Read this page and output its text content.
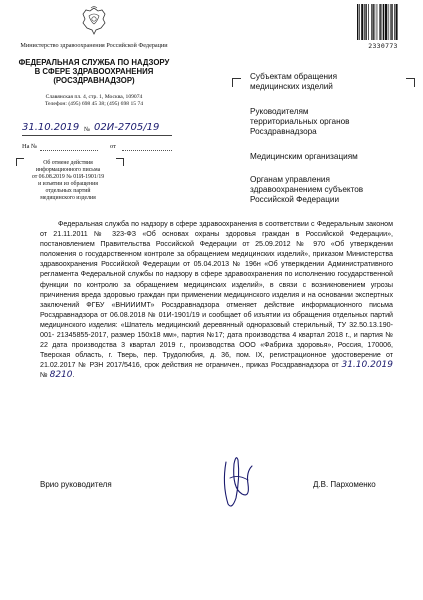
2330773
Министерство здравоохранения Российской Федерации
ФЕДЕРАЛЬНАЯ СЛУЖБА ПО НАДЗОРУ
В СФЕРЕ ЗДРАВООХРАНЕНИЯ
(РОСЗДРАВНАДЗОР)
Славянская пл. 4, стр. 1, Москва, 109074
Телефон: (495) 698 45 38; (495) 698 15 74
31.10.2019 № 02И-2705/19
На №	от
Об отмене действия
информационного письма
от 06.08.2019 № 01И-1901/19
и изъятии из обращения
отдельных партий
медицинского изделия
Субъектам обращения
медицинских изделий
Руководителям
территориальных органов
Росздравнадзора
Медицинским организациям
Органам управления
здравоохранением субъектов
Российской Федерации

Федеральная служба по надзору в сфере здравоохранения в соответствии с Федеральным законом от 21.11.2011 № 323-ФЗ «Об основах охраны здоровья граждан в Российской Федерации», постановлением Правительства Российской Федерации от 25.09.2012 № 970 «Об утверждении положения о государственном контроле за обращением медицинских изделий», приказом Министерства здравоохранения Российской Федерации от 05.04.2013 № 196н «Об утверждении Административного регламента Федеральной службы по надзору в сфере здравоохранения по исполнению государственной функции по контролю за обращением медицинских изделий», в связи с возникновением угрозы причинения вреда здоровью граждан при применении медицинского изделия и на основании экспертных заключений ФГБУ «ВНИИИМТ» Росздравнадзора отменяет действие информационного письма Росздравнадзора от 06.08.2018 № 01И-1901/19 и сообщает об изъятии из обращения отдельных партий медицинского изделия: «Шпатель медицинский деревянный одноразовый стерильный, ТУ 32.50.13.190- 001- 21345855-2017, размер 150х18 мм», партия №17; дата производства 4 квартал 2018 г., и партия № 22 дата производства 3 квартал 2019 г., производства ООО «Фабрика здоровья», Россия, 170006, Тверская область, г. Тверь, пер. Трудолюбия, д. 36, пом. IX, регистрационное удостоверение от 21.02.2017 № РЗН 2017/5416, срок действия не ограничен., приказ Росздравнадзора от 31.10.2019 № 8210.

Врио руководителя	Д.В. Пархоменко
